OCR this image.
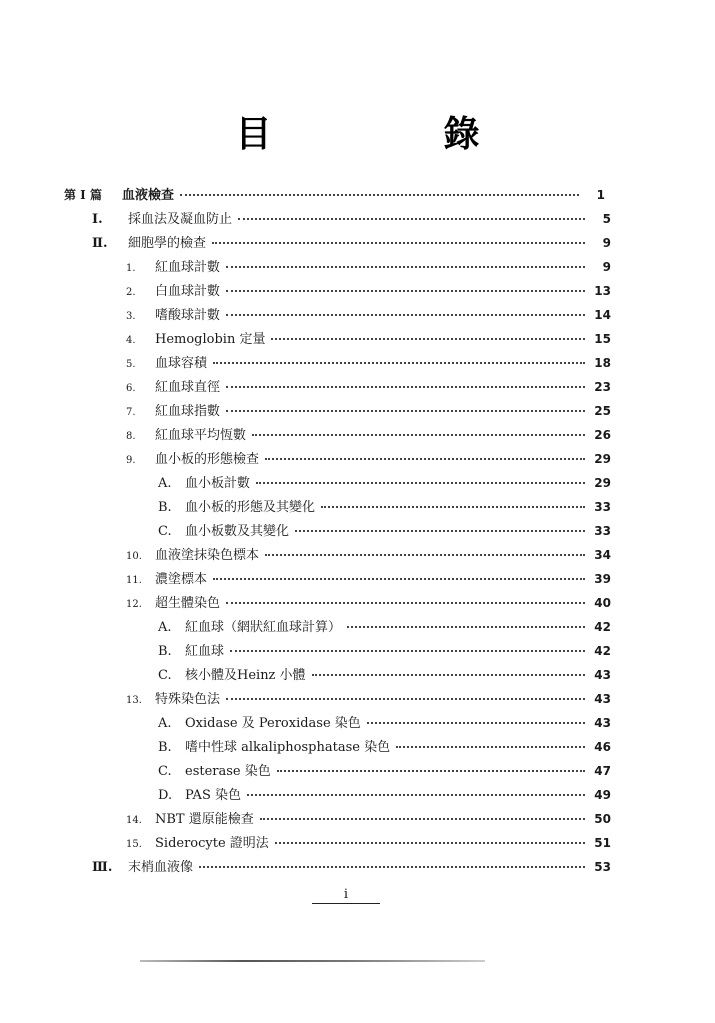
目　錄
第 I 篇	血液檢查	1
Ⅰ.	採血法及凝血防止	5
Ⅱ.	細胞學的檢查	9
1.	紅血球計數	9
2.	白血球計數	13
3.	嗜酸球計數	14
4.	Hemoglobin 定量	15
5.	血球容積	18
6.	紅血球直徑	23
7.	紅血球指數	25
8.	紅血球平均恆數	26
9.	血小板的形態檢查	29
A.	血小板計數	29
B.	血小板的形態及其變化	33
C.	血小板數及其變化	33
10.	血液塗抹染色標本	34
11.	濃塗標本	39
12.	超生體染色	40
A.	紅血球（網狀紅血球計算）	42
B.	紅血球	42
C.	核小體及Heinz 小體	43
13.	特殊染色法	43
A.	Oxidase 及 Peroxidase 染色	43
B.	嗜中性球 alkaliphosphatase 染色	46
C.	esterase 染色	47
D. PAS 染色	49
14.	NBT 還原能檢查	50
15.	Siderocyte 證明法	51
Ⅲ.	末梢血液像	53
i
